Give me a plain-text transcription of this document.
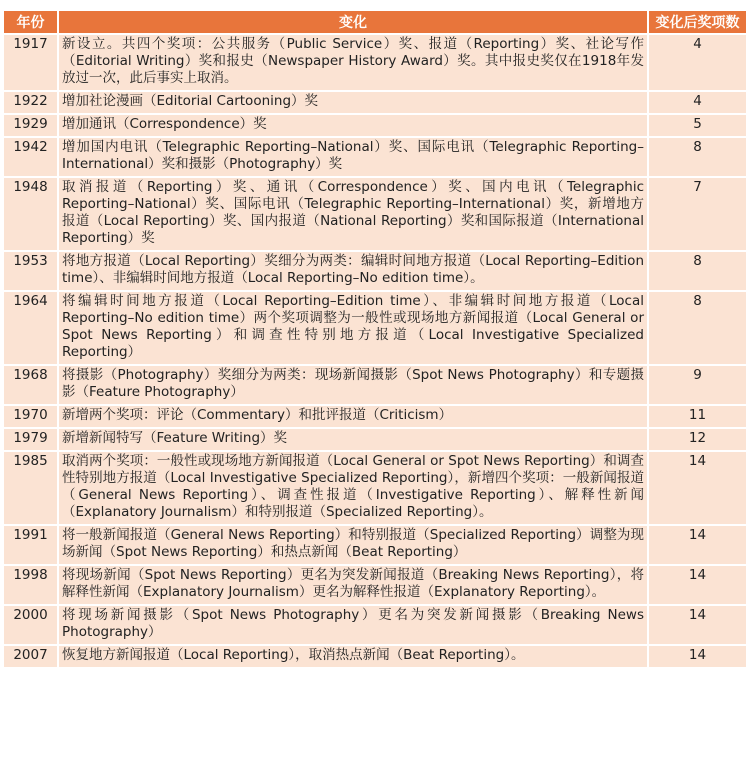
年份	变化	变化后奖项数
1917	新设立。共四个奖项：公共服务（Public Service）奖、报道（Reporting）奖、社论写作（Editorial Writing）奖和报史（Newspaper History Award）奖。其中报史奖仅在1918年发放过一次，此后事实上取消。	4
1922	增加社论漫画（Editorial Cartooning）奖	4
1929	增加通讯（Correspondence）奖	5
1942	增加国内电讯（Telegraphic Reporting–National）奖、国际电讯（Telegraphic Reporting–International）奖和摄影（Photography）奖	8
1948	取消报道（Reporting）奖、通讯（Correspondence）奖、国内电讯（Telegraphic Reporting–National）奖、国际电讯（Telegraphic Reporting–International）奖，新增地方报道（Local Reporting）奖、国内报道（National Reporting）奖和国际报道（International Reporting）奖	7
1953	将地方报道（Local Reporting）奖细分为两类：编辑时间地方报道（Local Reporting–Edition time）、非编辑时间地方报道（Local Reporting–No edition time）。	8
1964	将编辑时间地方报道（Local Reporting–Edition time）、非编辑时间地方报道（Local Reporting–No edition time）两个奖项调整为一般性或现场地方新闻报道（Local General or Spot News Reporting）和调查性特别地方报道（Local Investigative Specialized Reporting）	8
1968	将摄影（Photography）奖细分为两类：现场新闻摄影（Spot News Photography）和专题摄影（Feature Photography）	9
1970	新增两个奖项：评论（Commentary）和批评报道（Criticism）	11
1979	新增新闻特写（Feature Writing）奖	12
1985	取消两个奖项：一般性或现场地方新闻报道（Local General or Spot News Reporting）和调查性特别地方报道（Local Investigative Specialized Reporting），新增四个奖项：一般新闻报道（General News Reporting）、调查性报道（Investigative Reporting）、解释性新闻（Explanatory Journalism）和特别报道（Specialized Reporting）。	14
1991	将一般新闻报道（General News Reporting）和特别报道（Specialized Reporting）调整为现场新闻（Spot News Reporting）和热点新闻（Beat Reporting）	14
1998	将现场新闻（Spot News Reporting）更名为突发新闻报道（Breaking News Reporting），将解释性新闻（Explanatory Journalism）更名为解释性报道（Explanatory Reporting）。	14
2000	将现场新闻摄影（Spot News Photography）更名为突发新闻摄影（Breaking News Photography）	14
2007	恢复地方新闻报道（Local Reporting），取消热点新闻（Beat Reporting）。	14
